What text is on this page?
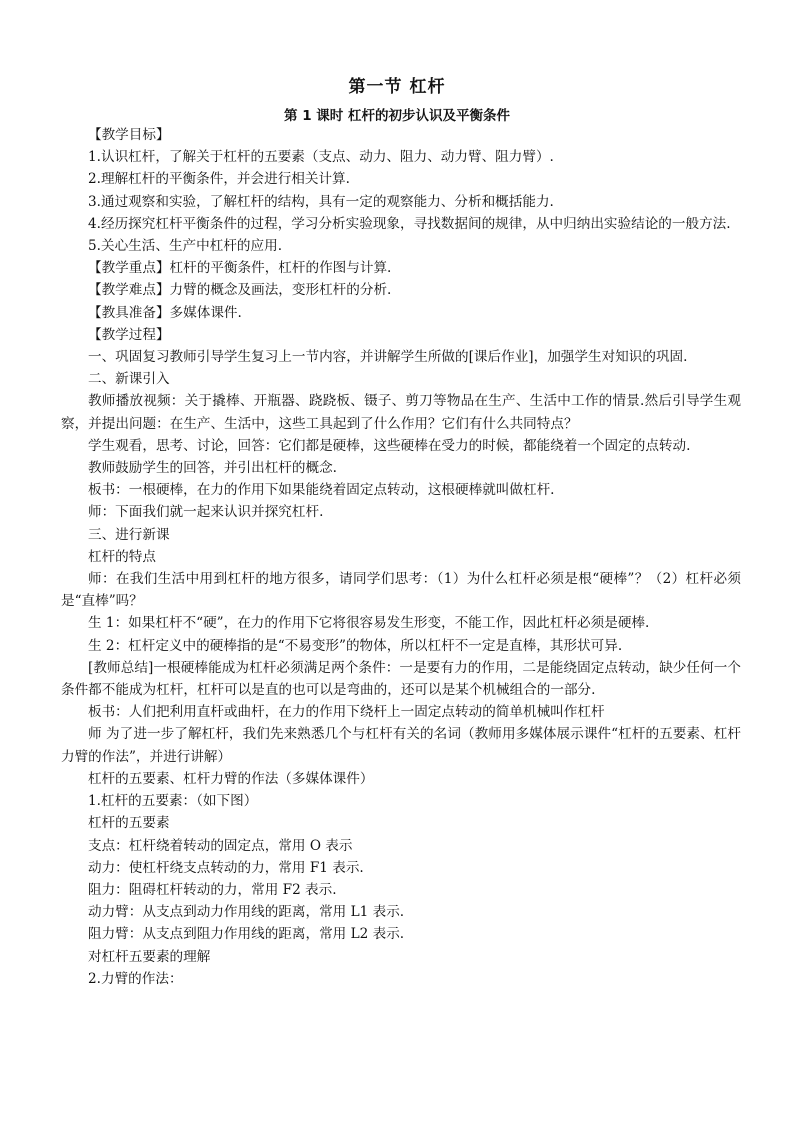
第一节 杠杆
第 1 课时 杠杆的初步认识及平衡条件

【教学目标】

1.认识杠杆，了解关于杠杆的五要素（支点、动力、阻力、动力臂、阻力臂）.

2.理解杠杆的平衡条件，并会进行相关计算.

3.通过观察和实验，了解杠杆的结构，具有一定的观察能力、分析和概括能力.

4.经历探究杠杆平衡条件的过程，学习分析实验现象，寻找数据间的规律，从中归纳出实验结论的一般方法.

5.关心生活、生产中杠杆的应用.

【教学重点】杠杆的平衡条件，杠杆的作图与计算.

【教学难点】力臂的概念及画法，变形杠杆的分析.

【教具准备】多媒体课件.

【教学过程】

一、巩固复习教师引导学生复习上一节内容，并讲解学生所做的[课后作业]，加强学生对知识的巩固.

二、新课引入

教师播放视频：关于撬棒、开瓶器、跷跷板、镊子、剪刀等物品在生产、生活中工作的情景.然后引导学生观察，并提出问题：在生产、生活中，这些工具起到了什么作用？它们有什么共同特点？

学生观看，思考、讨论，回答：它们都是硬棒，这些硬棒在受力的时候，都能绕着一个固定的点转动.

教师鼓励学生的回答，并引出杠杆的概念.

板书：一根硬棒，在力的作用下如果能绕着固定点转动，这根硬棒就叫做杠杆.

师：下面我们就一起来认识并探究杠杆.

三、进行新课

杠杆的特点

师：在我们生活中用到杠杆的地方很多，请同学们思考：（1）为什么杠杆必须是根“硬棒”？（2）杠杆必须是“直棒”吗？

生 1：如果杠杆不“硬”，在力的作用下它将很容易发生形变，不能工作，因此杠杆必须是硬棒.

生 2：杠杆定义中的硬棒指的是“不易变形”的物体，所以杠杆不一定是直棒，其形状可异.

[教师总结]一根硬棒能成为杠杆必须满足两个条件：一是要有力的作用，二是能绕固定点转动，缺少任何一个条件都不能成为杠杆，杠杆可以是直的也可以是弯曲的，还可以是某个机械组合的一部分.

板书：人们把利用直杆或曲杆，在力的作用下绕杆上一固定点转动的简单机械叫作杠杆

师 为了进一步了解杠杆，我们先来熟悉几个与杠杆有关的名词（教师用多媒体展示课件“杠杆的五要素、杠杆力臂的作法”，并进行讲解）

杠杆的五要素、杠杆力臂的作法（多媒体课件）

1.杠杆的五要素：（如下图）

杠杆的五要素

支点：杠杆绕着转动的固定点，常用 O 表示

动力：使杠杆绕支点转动的力，常用 F1 表示.

阻力：阻碍杠杆转动的力，常用 F2 表示.

动力臂：从支点到动力作用线的距离，常用 L1 表示.

阻力臂：从支点到阻力作用线的距离，常用 L2 表示.

对杠杆五要素的理解

2.力臂的作法：
